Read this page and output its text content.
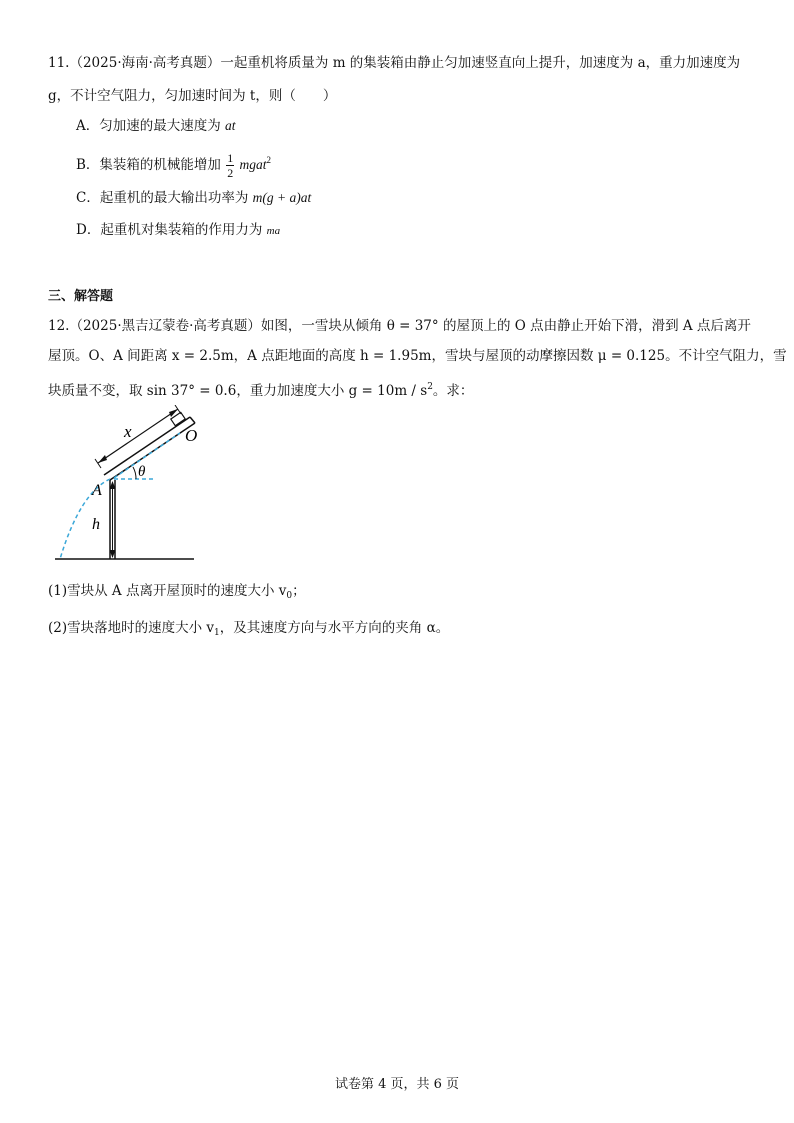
11.（2025·海南·高考真题）一起重机将质量为 m 的集装箱由静止匀加速竖直向上提升，加速度为 a，重力加速度为
g，不计空气阻力，匀加速时间为 t，则（　　）
A．匀加速的最大速度为 at
B．集装箱的机械能增加 $\frac{1}{2}$ mgat$^2$
C．起重机的最大输出功率为 m(g + a)at
D．起重机对集装箱的作用力为 ma
三、解答题
12.（2025·黑吉辽蒙卷·高考真题）如图，一雪块从倾角 θ = 37° 的屋顶上的 O 点由静止开始下滑，滑到 A 点后离开
屋顶。O、A 间距离 x = 2.5m，A 点距地面的高度 h = 1.95m，雪块与屋顶的动摩擦因数 μ = 0.125。不计空气阻力，雪
块质量不变，取 sin 37° = 0.6，重力加速度大小 $g = 10m / s^2$。求：
x	O
θ
A
h
(1)雪块从 A 点离开屋顶时的速度大小 $v_0$；
(2)雪块落地时的速度大小 $v_1$，及其速度方向与水平方向的夹角 α。
试卷第 4 页，共 6 页
